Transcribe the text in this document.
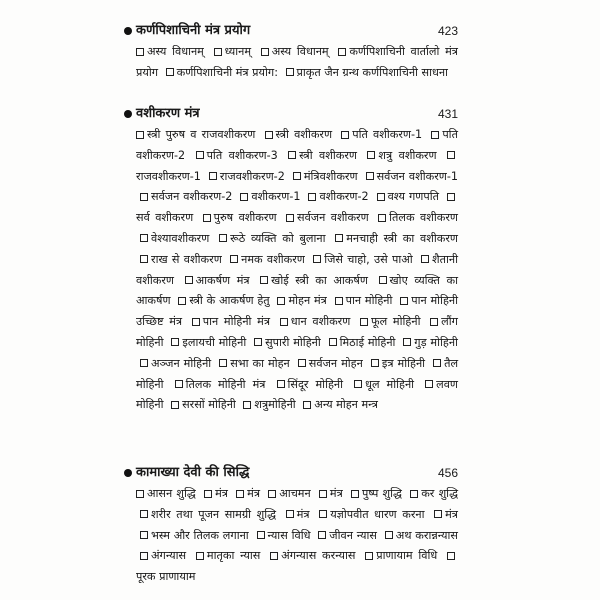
कर्णपिशाचिनी मंत्र प्रयोग	423

अस्य विधानम् ध्यानम् अस्य विधानम् कर्णपिशाचिनी वार्तालो मंत्र प्रयोग कर्णपिशाचिनी मंत्र प्रयोग: प्राकृत जैन ग्रन्थ कर्णपिशाचिनी साधना

वशीकरण मंत्र	431

स्त्री पुरुष व राजवशीकरण स्त्री वशीकरण पति वशीकरण-1 पति वशीकरण-2 पति वशीकरण-3 स्त्री वशीकरण शत्रु वशीकरण राजवशीकरण-1 राजवशीकरण-2 मंत्रिवशीकरण सर्वजन वशीकरण-1 सर्वजन वशीकरण-2 वशीकरण-1 वशीकरण-2 वश्य गणपति सर्व वशीकरण पुरुष वशीकरण सर्वजन वशीकरण तिलक वशीकरण वेश्यावशीकरण रूठे व्यक्ति को बुलाना मनचाही स्त्री का वशीकरण राख से वशीकरण नमक वशीकरण जिसे चाहो, उसे पाओ शैतानी वशीकरण आकर्षण मंत्र खोई स्त्री का आकर्षण खोए व्यक्ति का आकर्षण स्त्री के आकर्षण हेतु मोहन मंत्र पान मोहिनी पान मोहिनी उच्छिष्ट मंत्र पान मोहिनी मंत्र धान वशीकरण फूल मोहिनी लौंग मोहिनी इलायची मोहिनी सुपारी मोहिनी मिठाई मोहिनी गुड़ मोहिनी अञ्जन मोहिनी सभा का मोहन सर्वजन मोहन इत्र मोहिनी तैल मोहिनी तिलक मोहिनी मंत्र सिंदूर मोहिनी धूल मोहिनी लवण मोहिनी सरसों मोहिनी शत्रुमोहिनी अन्य मोहन मन्त्र

कामाख्या देवी की सिद्धि	456

आसन शुद्धि मंत्र मंत्र आचमन मंत्र पुष्प शुद्धि कर शुद्धि शरीर तथा पूजन सामग्री शुद्धि मंत्र यज्ञोपवीत धारण करना मंत्र भस्म और तिलक लगाना न्यास विधि जीवन न्यास अथ करान्नन्यास अंगन्यास मातृका न्यास अंगन्यास करन्यास प्राणायाम विधि पूरक प्राणायाम
